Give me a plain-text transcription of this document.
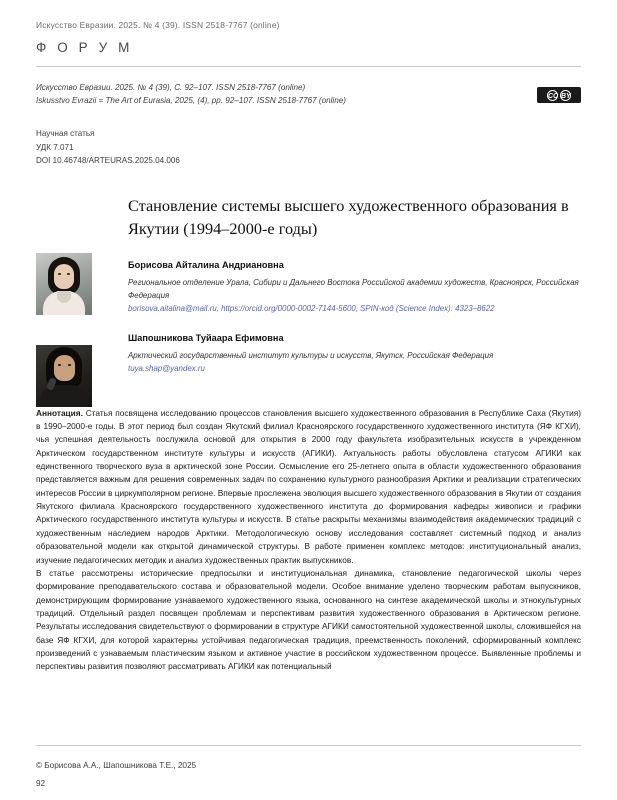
Искусство Евразии. 2025. № 4 (39). ISSN 2518-7767 (online)
Ф О Р У М
Искусство Евразии. 2025. № 4 (39), С. 92–107. ISSN 2518-7767 (online)
Iskusstvo Evrazii = The Art of Eurasia, 2025, (4), pp. 92–107. ISSN 2518-7767 (online)
CC BY
Научная статья
УДК 7.071
DOI 10.46748/ARTEURAS.2025.04.006
Становление системы высшего художественного образования в Якутии (1994–2000-е годы)
Борисова Айталина Андриановна
Региональное отделение Урала, Сибири и Дальнего Востока Российской академии художеств, Красноярск, Российская Федерация
borisova.aitalina@mail.ru, https://orcid.org/0000-0002-7144-5600, SPIN-код (Science Index): 4323–8622
Шапошникова Туйаара Ефимовна
Арктический государственный институт культуры и искусств, Якутск, Российская Федерация
tuya.shap@yandex.ru

Аннотация. Статья посвящена исследованию процессов становления высшего художественного образования в Республике Саха (Якутия) в 1990–2000-е годы. В этот период был создан Якутский филиал Красноярского государственного художественного института (ЯФ КГХИ), чья успешная деятельность послужила основой для открытия в 2000 году факультета изобразительных искусств в учрежденном Арктическом государственном институте культуры и искусств (АГИКИ). Актуальность работы обусловлена статусом АГИКИ как единственного творческого вуза в арктической зоне России. Осмысление его 25-летнего опыта в области художественного образования представляется важным для решения современных задач по сохранению культурного разнообразия Арктики и реализации стратегических интересов России в циркумполярном регионе. Впервые прослежена эволюция высшего художественного образования в Якутии от создания Якутского филиала Красноярского государственного художественного института до формирования кафедры живописи и графики Арктического государственного института культуры и искусств. В статье раскрыты механизмы взаимодействия академических традиций с художественным наследием народов Арктики. Методологическую основу исследования составляет системный подход и анализ образовательной модели как открытой динамической структуры. В работе применен комплекс методов: институциональный анализ, изучение педагогических методик и анализ художественных практик выпускников.

В статье рассмотрены исторические предпосылки и институциональная динамика, становление педагогической школы через формирование преподавательского состава и образовательной модели. Особое внимание уделено творческим работам выпускников, демонстрирующим формирование узнаваемого художественного языка, основанного на синтезе академической школы и этнокультурных традиций. Отдельный раздел посвящен проблемам и перспективам развития художественного образования в Арктическом регионе. Результаты исследования свидетельствуют о формировании в структуре АГИКИ самостоятельной художественной школы, сложившейся на базе ЯФ КГХИ, для которой характерны устойчивая педагогическая традиция, преемственность поколений, сформированный комплекс произведений с узнаваемым пластическим языком и активное участие в российском художественном процессе. Выявленные проблемы и перспективы развития позволяют рассматривать АГИКИ как потенциальный

© Борисова А.А., Шапошникова Т.Е., 2025
92
